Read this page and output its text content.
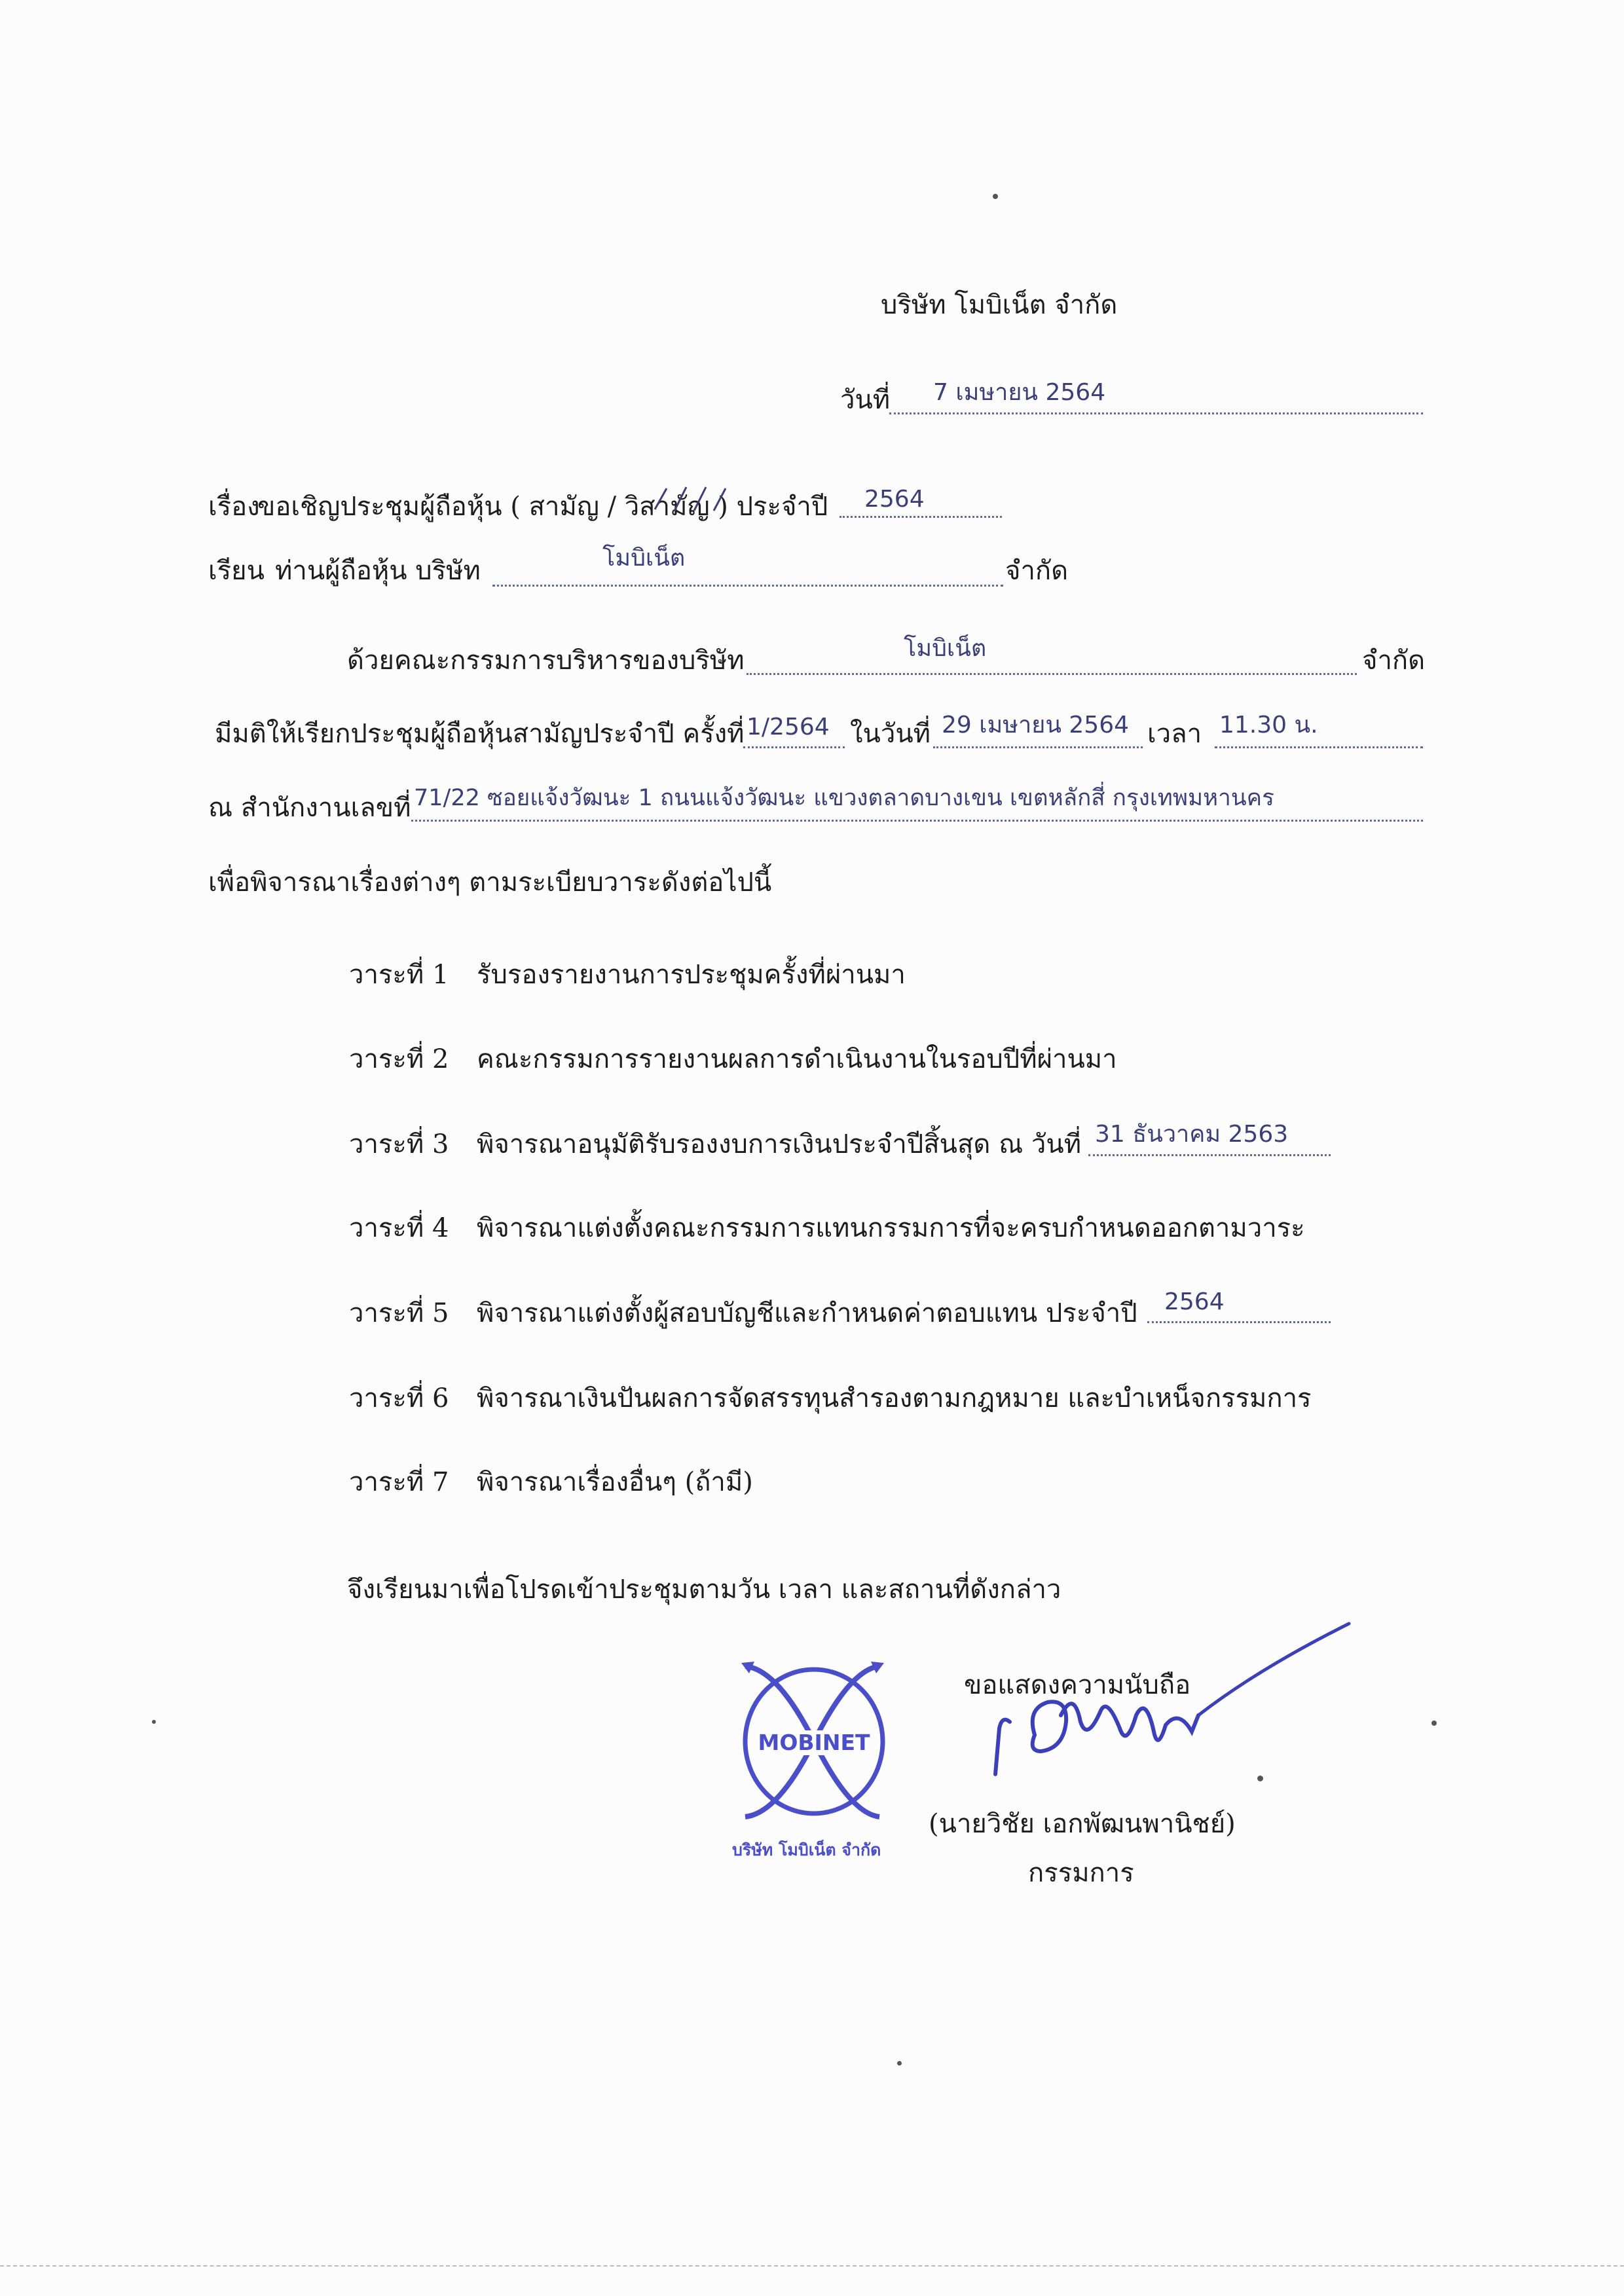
บริษัท โมบิเน็ต จำกัด
วันที่ 7 เมษายน 2564
เรื่อง
ขอเชิญประชุมผู้ถือหุ้น ( สามัญ / วิสามัญ ) ประจำปี 2564
เรียน ท่านผู้ถือหุ้น บริษัท	โมบิเน็ต	จำกัด
ด้วยคณะกรรมการบริหารของบริษัท	โมบิเน็ต	จำกัด
มีมติให้เรียกประชุมผู้ถือหุ้นสามัญประจำปี ครั้งที่ 1/2564 ในวันที่ 29 เมษายน 2564 เวลา 11.30 น.
ณ สำนักงานเลขที่ 71/22 ซอยแจ้งวัฒนะ 1 ถนนแจ้งวัฒนะ แขวงตลาดบางเขน เขตหลักสี่ กรุงเทพมหานคร
เพื่อพิจารณาเรื่องต่างๆ ตามระเบียบวาระดังต่อไปนี้
วาระที่ 1 รับรองรายงานการประชุมครั้งที่ผ่านมา
วาระที่ 2 คณะกรรมการรายงานผลการดำเนินงานในรอบปีที่ผ่านมา
วาระที่ 3 พิจารณาอนุมัติรับรองงบการเงินประจำปีสิ้นสุด ณ วันที่ 31 ธันวาคม 2563
วาระที่ 4 พิจารณาแต่งตั้งคณะกรรมการแทนกรรมการที่จะครบกำหนดออกตามวาระ
วาระที่ 5 พิจารณาแต่งตั้งผู้สอบบัญชีและกำหนดค่าตอบแทน ประจำปี 2564
วาระที่ 6 พิจารณาเงินปันผลการจัดสรรทุนสำรองตามกฎหมาย และบำเหน็จกรรมการ
วาระที่ 7 พิจารณาเรื่องอื่นๆ (ถ้ามี)
จึงเรียนมาเพื่อโปรดเข้าประชุมตามวัน เวลา และสถานที่ดังกล่าว
ขอแสดงความนับถือ
MOBINET
บริษัท โมบิเน็ต จำกัด
(นายวิชัย เอกพัฒนพานิชย์)
กรรมการ
